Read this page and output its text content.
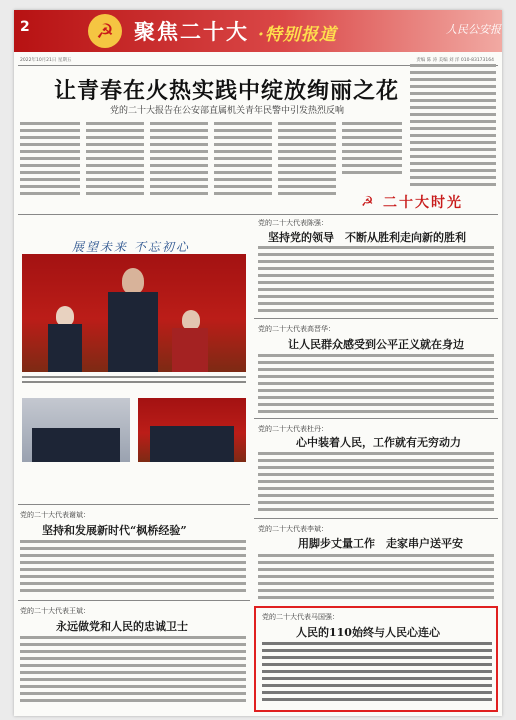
2	☭ 聚焦二十大 ·特别报道	人民公安报
2022年10月21日 星期五	责编 陈 涛 美编 刘 洋 010-83173164
让青春在火热实践中绽放绚丽之花
党的二十大报告在公安部直属机关青年民警中引发热烈反响
☭ 二十大时光
展望未来 不忘初心
党的二十大代表陈强：
坚持党的领导　不断从胜利走向新的胜利
党的二十大代表高晋华：
让人民群众感受到公平正义就在身边
党的二十大代表杜丹：
心中装着人民，工作就有无穷动力
党的二十大代表李斌：
用脚步丈量工作　走家串户送平安
党的二十大代表马国强：
人民的110始终与人民心连心
党的二十大代表谢斌：
坚持和发展新时代“枫桥经验”
党的二十大代表王斌：
永远做党和人民的忠诚卫士
